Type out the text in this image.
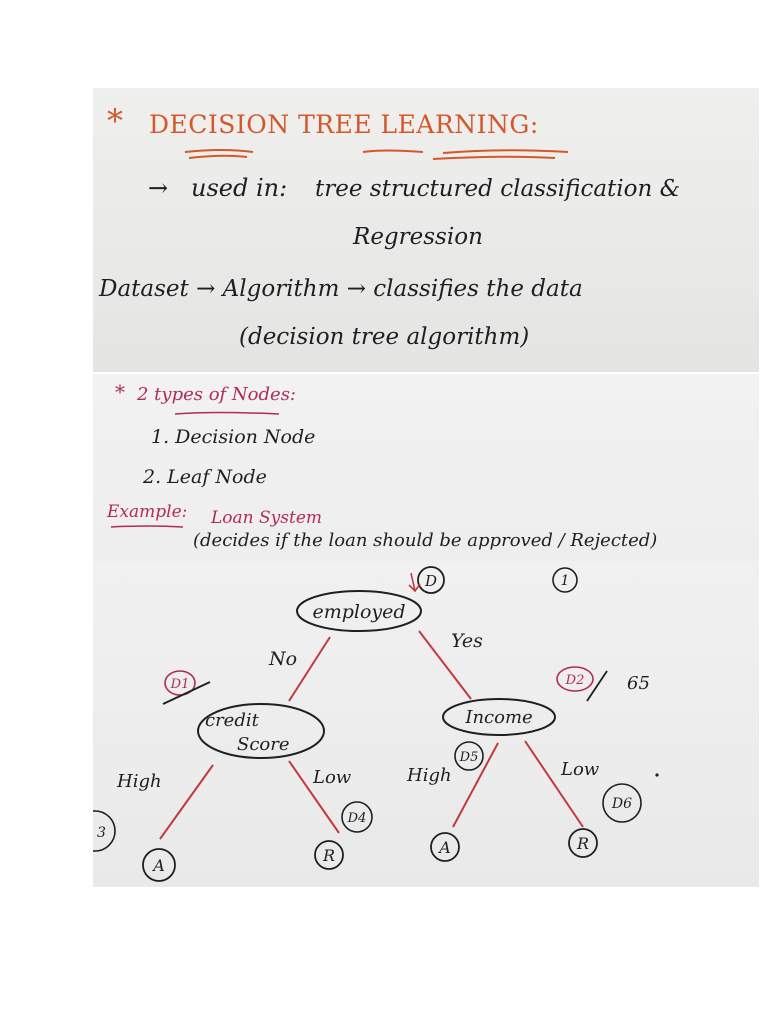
* DECISION TREE LEARNING:
→ used in: tree structured classification &
Regression
Dataset → Algorithm → classifies the data
(decision tree algorithm)
* 2 types of Nodes:
1. Decision Node
2. Leaf Node
Example: Loan System
(decides if the loan should be approved / Rejected)
employed
D	1
No
Yes
D1	D2 65
credit
Score
Income
D5
High	Low	High	Low
D4
D6
3
A
R	A	R
